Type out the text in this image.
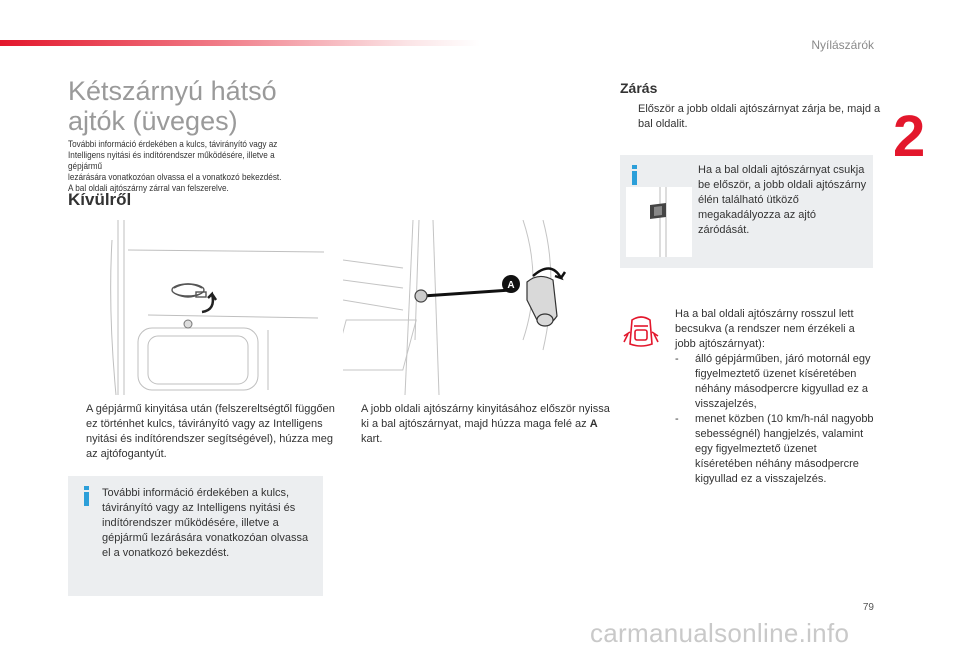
Nyílászárók
2
Kétszárnyú hátsó
ajtók (üveges)

További információ érdekében a kulcs, távirányító vagy az

Intelligens nyitási és indítórendszer működésére, illetve a gépjármű

lezárására vonatkozóan olvassa el a vonatkozó bekezdést.

A bal oldali ajtószárny zárral van felszerelve.

Kívülről
A
A gépjármű kinyitása után (felszereltségtől függően ez történhet kulcs, távirányító vagy az Intelligens nyitási és indítórendszer segítségével), húzza meg az ajtófogantyút.
A jobb oldali ajtószárny kinyitásához először nyissa ki a bal ajtószárnyat, majd húzza maga felé az A kart.
További információ érdekében a kulcs, távirányító vagy az Intelligens nyitási és indítórendszer működésére, illetve a gépjármű lezárására vonatkozóan olvassa el a vonatkozó bekezdést.
Zárás
Először a jobb oldali ajtószárnyat zárja be, majd a bal oldalit.
Ha a bal oldali ajtószárnyat csukja be először, a jobb oldali ajtószárny élén található ütköző megakadályozza az ajtó záródását.

Ha a bal oldali ajtószárny rosszul lett becsukva (a rendszer nem érzékeli a jobb ajtószárnyat):

- álló gépjárműben, járó motornál egy figyelmeztető üzenet kíséretében néhány másodpercre kigyullad ez a visszajelzés,
- menet közben (10 km/h-nál nagyobb sebességnél) hangjelzés, valamint egy figyelmeztető üzenet kíséretében néhány másodpercre kigyullad ez a visszajelzés.
79
carmanualsonline.info
